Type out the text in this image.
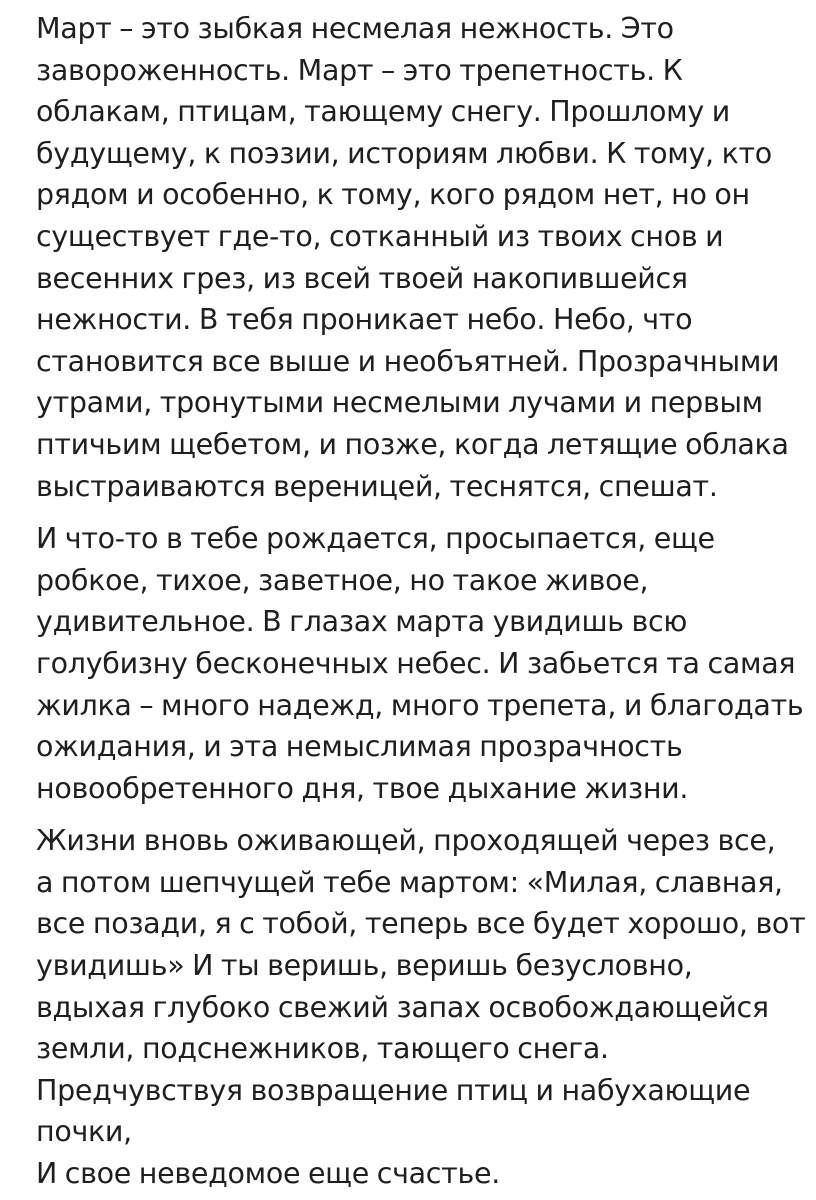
Март – это зыбкая несмелая нежность. Это
завороженность. Март – это трепетность. К
облакам, птицам, тающему снегу. Прошлому и
будущему, к поэзии, историям любви. К тому, кто
рядом и особенно, к тому, кого рядом нет, но он
существует где-то, сотканный из твоих снов и
весенних грез, из всей твоей накопившейся
нежности. В тебя проникает небо. Небо, что
становится все выше и необъятней. Прозрачными
утрами, тронутыми несмелыми лучами и первым
птичьим щебетом, и позже, когда летящие облака
выстраиваются вереницей, теснятся, спешат.

И что-то в тебе рождается, просыпается, еще
робкое, тихое, заветное, но такое живое,
удивительное. В глазах марта увидишь всю
голубизну бесконечных небес. И забьется та самая
жилка – много надежд, много трепета, и благодать
ожидания, и эта немыслимая прозрачность
новообретенного дня, твое дыхание жизни.

Жизни вновь оживающей, проходящей через все,
а потом шепчущей тебе мартом: «Милая, славная,
все позади, я с тобой, теперь все будет хорошо, вот
увидишь» И ты веришь, веришь безусловно,
вдыхая глубоко свежий запах освобождающейся
земли, подснежников, тающего снега.
Предчувствуя возвращение птиц и набухающие
почки,
И свое неведомое еще счастье.
